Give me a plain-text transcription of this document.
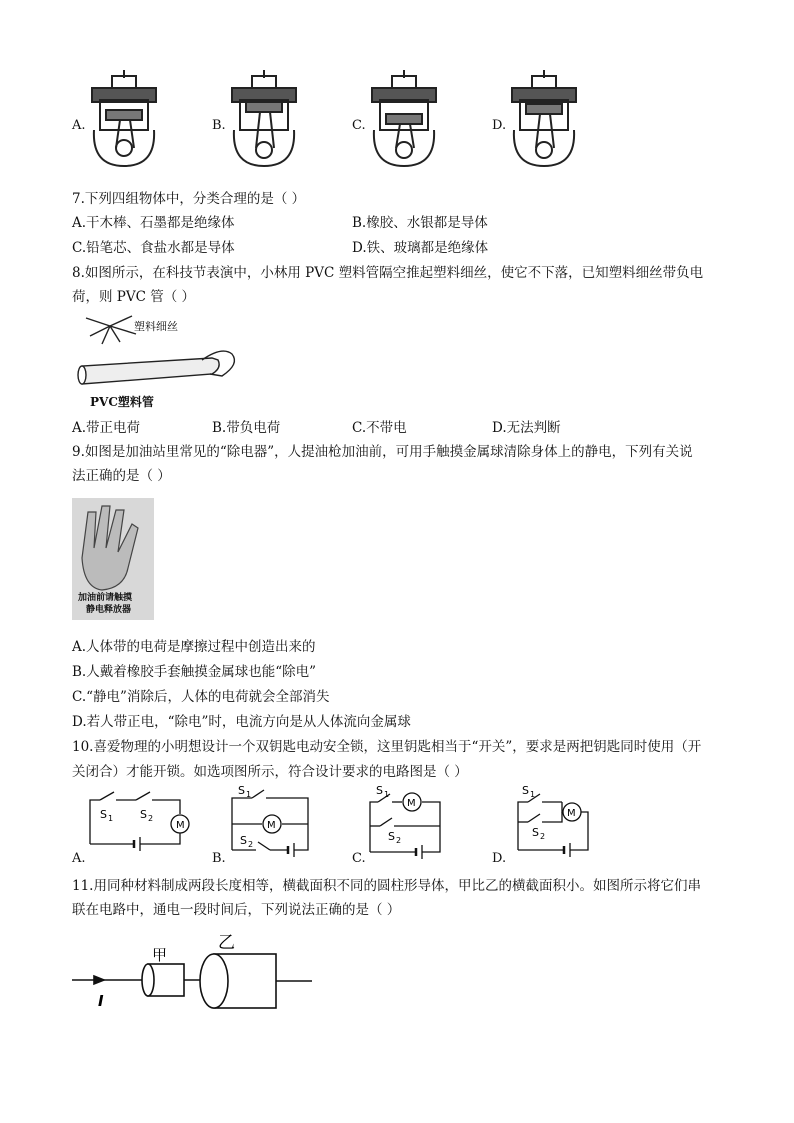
A.	B.	C.	D.
7.下列四组物体中，分类合理的是（ ）
A.干木棒、石墨都是绝缘体	B.橡胶、水银都是导体
C.铅笔芯、食盐水都是导体	D.铁、玻璃都是绝缘体
8.如图所示，在科技节表演中，小林用 PVC 塑料管隔空推起塑料细丝，使它不下落，已知塑料细丝带负电
荷，则 PVC 管（ ）
塑料细丝
PVC塑料管
A.带正电荷	B.带负电荷	C.不带电	D.无法判断
9.如图是加油站里常见的“除电器”，人提油枪加油前，可用手触摸金属球清除身体上的静电，下列有关说
法正确的是（ ）
加油前请触摸
静电释放器
A.人体带的电荷是摩擦过程中创造出来的
B.人戴着橡胶手套触摸金属球也能“除电”
C.“静电”消除后，人体的电荷就会全部消失
D.若人带正电，“除电”时，电流方向是从人体流向金属球
10.喜爱物理的小明想设计一个双钥匙电动安全锁，这里钥匙相当于“开关”，要求是两把钥匙同时使用（开
关闭合）才能开锁。如选项图所示，符合设计要求的电路图是（ ）
M
S 1 S 2
A.
M
S 1
S 2
B.
M
S 1
S 2
C.
M
S 1
S 2
D.
11.用同种材料制成两段长度相等，横截面积不同的圆柱形导体，甲比乙的横截面积小。如图所示将它们串
联在电路中，通电一段时间后，下列说法正确的是（ ）
甲
乙
I
